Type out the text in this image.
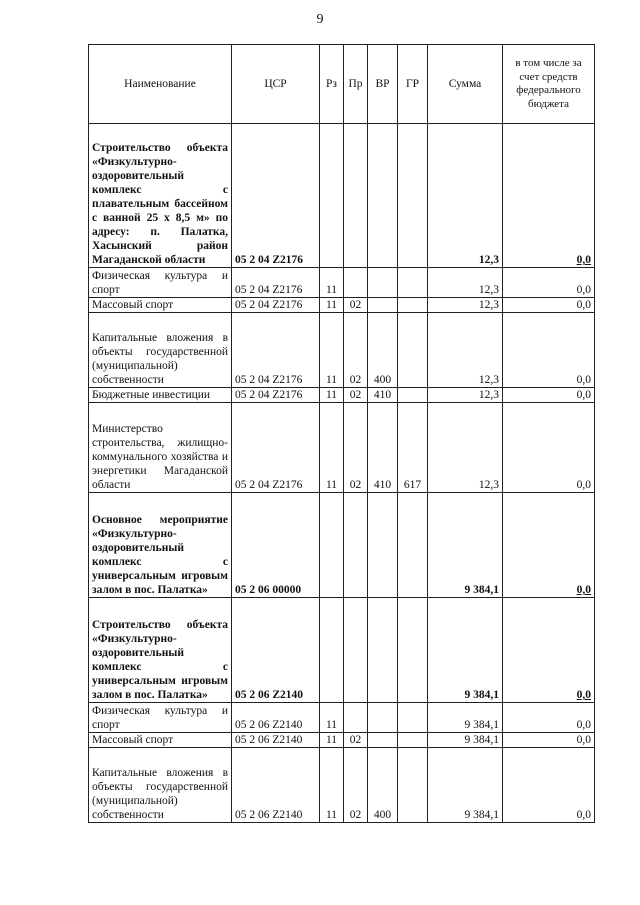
9
Наименование	ЦСР	Рз	Пр	ВР	ГР	Сумма	в том числе за счет средств федерального бюджета
Строительство объекта «Физкультурно-оздоровительный комплекс с плавательным бассейном с ванной 25 х 8,5 м» по адресу: п. Палатка, Хасынский район Магаданской области	05 2 04 Z2176					12,3	0,0
Физическая культура и спорт	05 2 04 Z2176	11				12,3	0,0
Массовый спорт	05 2 04 Z2176	11	02			12,3	0,0
Капитальные вложения в объекты государственной (муниципальной) собственности	05 2 04 Z2176	11	02	400		12,3	0,0
Бюджетные инвестиции	05 2 04 Z2176	11	02	410		12,3	0,0
Министерство строительства, жилищно-коммунального хозяйства и энергетики Магаданской области	05 2 04 Z2176	11	02	410	617	12,3	0,0
Основное мероприятие «Физкультурно-оздоровительный комплекс с универсальным игровым залом в пос. Палатка»	05 2 06 00000					9 384,1	0,0
Строительство объекта «Физкультурно-оздоровительный комплекс с универсальным игровым залом в пос. Палатка»	05 2 06 Z2140					9 384,1	0,0
Физическая культура и спорт	05 2 06 Z2140	11				9 384,1	0,0
Массовый спорт	05 2 06 Z2140	11	02			9 384,1	0,0
Капитальные вложения в объекты государственной (муниципальной) собственности	05 2 06 Z2140	11	02	400		9 384,1	0,0
